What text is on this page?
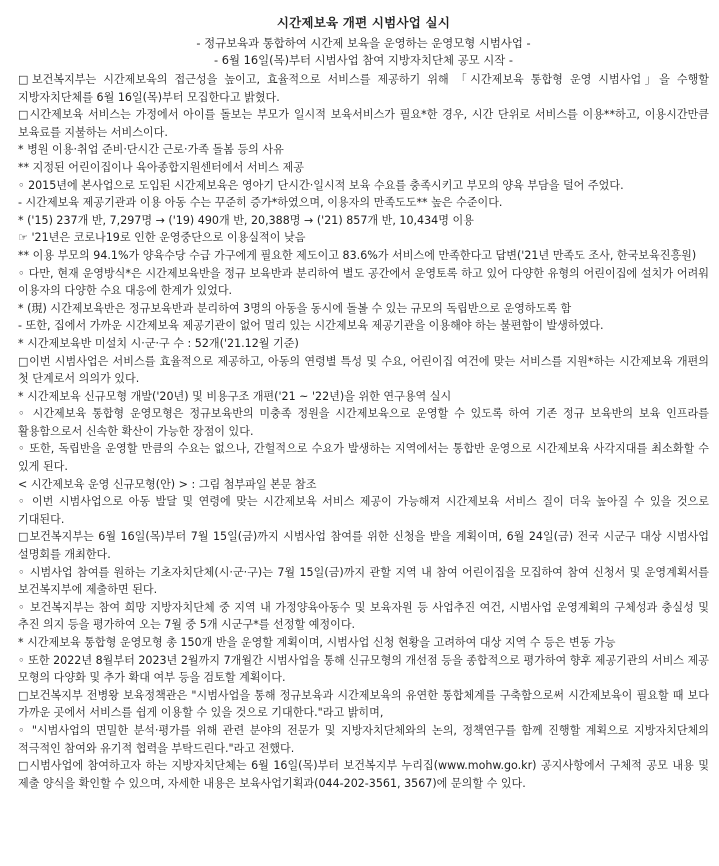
시간제보육 개편 시범사업 실시

- 정규보육과 통합하여 시간제 보육을 운영하는 운영모형 시범사업 -

- 6월 16일(목)부터 시범사업 참여 지방자치단체 공모 시작 -

□보건복지부는 시간제보육의 접근성을 높이고, 효율적으로 서비스를 제공하기 위해 「시간제보육 통합형 운영 시범사업」을 수행할 지방자치단체를 6월 16일(목)부터 모집한다고 밝혔다.

□시간제보육 서비스는 가정에서 아이를 돌보는 부모가 일시적 보육서비스가 필요*한 경우, 시간 단위로 서비스를 이용**하고, 이용시간만큼 보육료를 지불하는 서비스이다.

* 병원 이용·취업 준비·단시간 근로·가족 돌봄 등의 사유

** 지정된 어린이집이나 육아종합지원센터에서 서비스 제공

◦ 2015년에 본사업으로 도입된 시간제보육은 영아기 단시간·일시적 보육 수요를 충족시키고 부모의 양육 부담을 덜어 주었다.

- 시간제보육 제공기관과 이용 아동 수는 꾸준히 증가*하였으며, 이용자의 만족도도** 높은 수준이다.

* ('15) 237개 반, 7,297명 → ('19) 490개 반, 20,388명 → ('21) 857개 반, 10,434명 이용

☞ '21년은 코로나19로 인한 운영중단으로 이용실적이 낮음

** 이용 부모의 94.1%가 양육수당 수급 가구에게 필요한 제도이고 83.6%가 서비스에 만족한다고 답변('21년 만족도 조사, 한국보육진흥원)

◦ 다만, 현재 운영방식*은 시간제보육반을 정규 보육반과 분리하여 별도 공간에서 운영토록 하고 있어 다양한 유형의 어린이집에 설치가 어려워 이용자의 다양한 수요 대응에 한계가 있었다.

* (現) 시간제보육반은 정규보육반과 분리하여 3명의 아동을 동시에 돌볼 수 있는 규모의 독립반으로 운영하도록 함

- 또한, 집에서 가까운 시간제보육 제공기관이 없어 멀리 있는 시간제보육 제공기관을 이용해야 하는 불편함이 발생하였다.

* 시간제보육반 미설치 시·군·구 수 : 52개('21.12월 기준)

□이번 시범사업은 서비스를 효율적으로 제공하고, 아동의 연령별 특성 및 수요, 어린이집 여건에 맞는 서비스를 지원*하는 시간제보육 개편의 첫 단계로서 의의가 있다.

* 시간제보육 신규모형 개발('20년) 및 비용구조 개편('21 ~ '22년)을 위한 연구용역 실시

◦ 시간제보육 통합형 운영모형은 정규보육반의 미충족 정원을 시간제보육으로 운영할 수 있도록 하여 기존 정규 보육반의 보육 인프라를 활용함으로서 신속한 확산이 가능한 장점이 있다.

◦ 또한, 독립반을 운영할 만큼의 수요는 없으나, 간헐적으로 수요가 발생하는 지역에서는 통합반 운영으로 시간제보육 사각지대를 최소화할 수 있게 된다.

< 시간제보육 운영 신규모형(안) > : 그림 첨부파일 본문 참조

◦ 이번 시범사업으로 아동 발달 및 연령에 맞는 시간제보육 서비스 제공이 가능해져 시간제보육 서비스 질이 더욱 높아질 수 있을 것으로 기대된다.

□보건복지부는 6월 16일(목)부터 7월 15일(금)까지 시범사업 참여를 위한 신청을 받을 계획이며, 6월 24일(금) 전국 시군구 대상 시범사업 설명회를 개최한다.

◦ 시범사업 참여를 원하는 기초자치단체(시·군·구)는 7월 15일(금)까지 관할 지역 내 참여 어린이집을 모집하여 참여 신청서 및 운영계획서를 보건복지부에 제출하면 된다.

◦ 보건복지부는 참여 희망 지방자치단체 중 지역 내 가정양육아동수 및 보육자원 등 사업추진 여건, 시범사업 운영계획의 구체성과 충실성 및 추진 의지 등을 평가하여 오는 7월 중 5개 시군구*를 선정할 예정이다.

* 시간제보육 통합형 운영모형 총 150개 반을 운영할 계획이며, 시범사업 신청 현황을 고려하여 대상 지역 수 등은 변동 가능

◦ 또한 2022년 8월부터 2023년 2월까지 7개월간 시범사업을 통해 신규모형의 개선점 등을 종합적으로 평가하여 향후 제공기관의 서비스 제공 모형의 다양화 및 추가 확대 여부 등을 검토할 계획이다.

□보건복지부 전병왕 보육정책관은 "시범사업을 통해 정규보육과 시간제보육의 유연한 통합체계를 구축함으로써 시간제보육이 필요할 때 보다 가까운 곳에서 서비스를 쉽게 이용할 수 있을 것으로 기대한다."라고 밝히며,

◦ "시범사업의 면밀한 분석·평가를 위해 관련 분야의 전문가 및 지방자치단체와의 논의, 정책연구를 함께 진행할 계획으로 지방자치단체의 적극적인 참여와 유기적 협력을 부탁드린다."라고 전했다.

□시범사업에 참여하고자 하는 지방자치단체는 6월 16일(목)부터 보건복지부 누리집(www.mohw.go.kr) 공지사항에서 구체적 공모 내용 및 제출 양식을 확인할 수 있으며, 자세한 내용은 보육사업기획과(044-202-3561, 3567)에 문의할 수 있다.
